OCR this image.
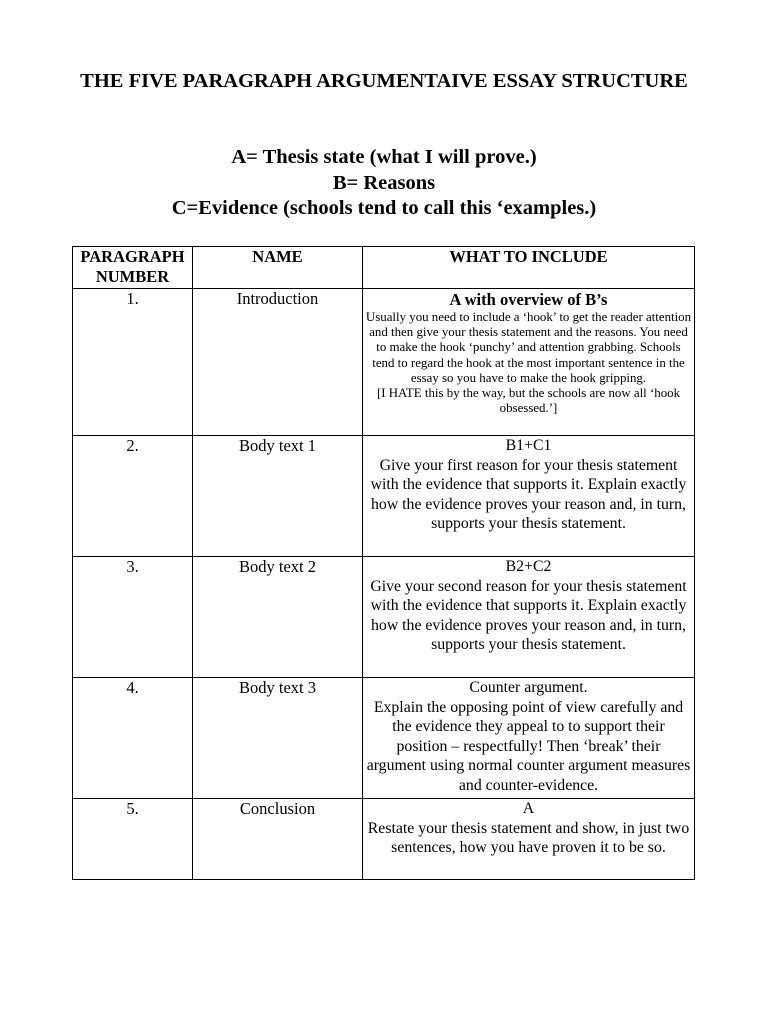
THE FIVE PARAGRAPH ARGUMENTAIVE ESSAY STRUCTURE
A= Thesis state (what I will prove.)
B= Reasons
C=Evidence (schools tend to call this ‘examples.)
PARAGRAPH NUMBER	NAME	WHAT TO INCLUDE
1.	Introduction	A with overview of B’s
Usually you need to include a ‘hook’ to get the reader attention and then give your thesis statement and the reasons. You need to make the hook ‘punchy’ and attention grabbing. Schools tend to regard the hook at the most important sentence in the essay so you have to make the hook gripping.
[I HATE this by the way, but the schools are now all ‘hook obsessed.’]

2.	Body text 1	B1+C1
Give your first reason for your thesis statement with the evidence that supports it. Explain exactly how the evidence proves your reason and, in turn, supports your thesis statement.
3.	Body text 2	B2+C2
Give your second reason for your thesis statement with the evidence that supports it. Explain exactly how the evidence proves your reason and, in turn, supports your thesis statement.
4.	Body text 3	Counter argument.
Explain the opposing point of view carefully and the evidence they appeal to to support their position – respectfully! Then ‘break’ their argument using normal counter argument measures and counter-evidence.
5.	Conclusion	A
Restate your thesis statement and show, in just two sentences, how you have proven it to be so.
